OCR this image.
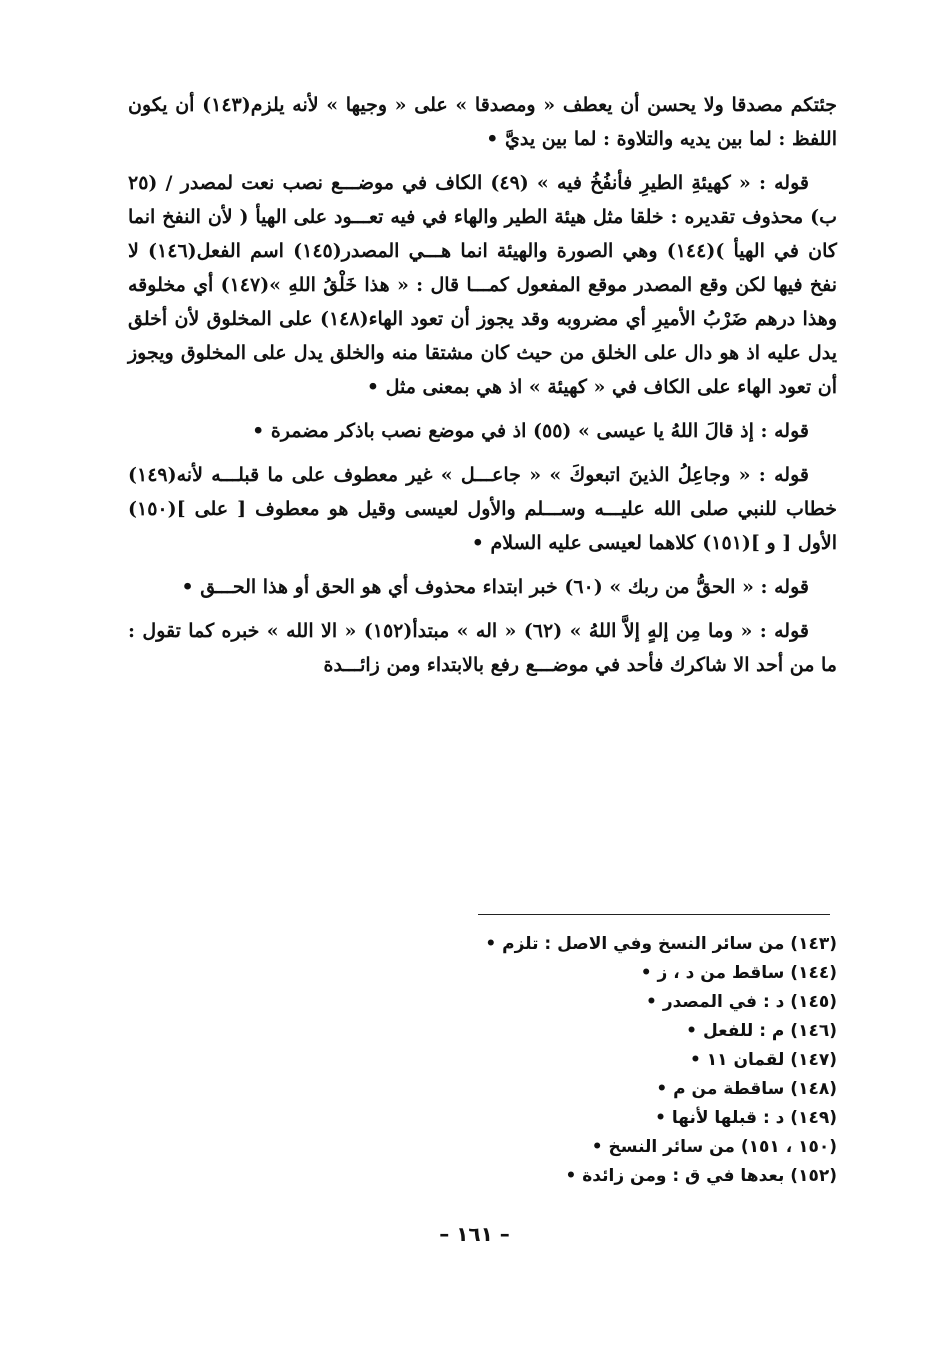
جئتكم مصدقا ولا يحسن أن يعطف « ومصدقا » على « وجيها » لأنه يلزم(١٤٣) أن يكون اللفظ : لما بين يديه والتلاوة : لما بين يديَّ •

قوله : « كهيئةِ الطيرِ فأنفُخُ فيه » (٤٩) الكاف في موضـــع نصب نعت لمصدر / (٢٥ ب) محذوف تقديره : خلقا مثل هيئة الطير والهاء في فيه تعـــود على الهيأ ( لأن النفخ انما كان في الهيأ )(١٤٤) وهي الصورة والهيئة انما هـــي المصدر(١٤٥) اسم الفعل(١٤٦) لا نفخ فيها لكن وقع المصدر موقع المفعول كمـــا قال : « هذا خَلْقُ اللهِ »(١٤٧) أي مخلوقه وهذا درهم ضَرْبُ الأميرِ أي مضروبه وقد يجوز أن تعود الهاء(١٤٨) على المخلوق لأن أخلق يدل عليه اذ هو دال على الخلق من حيث كان مشتقا منه والخلق يدل على المخلوق ويجوز أن تعود الهاء على الكاف في « كهيئة » اذ هي بمعنى مثل •

قوله : إذ قالَ اللهُ يا عيسى » (٥٥) اذ في موضع نصب باذكر مضمرة •

قوله : « وجاعِلُ الذينَ اتبعوكَ » « جاعـــل » غير معطوف على ما قبلـــه لأنه(١٤٩) خطاب للنبي صلى الله عليـــه وســـلم والأول لعيسى وقيل هو معطوف [ على ](١٥٠) الأول [ و ](١٥١) كلاهما لعيسى عليه السلام •

قوله : « الحقُّ من ربك » (٦٠) خبر ابتداء محذوف أي هو الحق أو هذا الحـــق •

قوله : « وما مِن إلهٍ إلاَّ اللهُ » (٦٢) « اله » مبتدأ(١٥٢) « الا الله » خبره كما تقول : ما من أحد الا شاكرك فأحد في موضـــع رفع بالابتداء ومن زائـــدة

(١٤٣) من سائر النسخ وفي الاصل : تلزم •
(١٤٤) ساقط من د ، ز •
(١٤٥) د : في المصدر •
(١٤٦) م : للفعل •
(١٤٧) لقمان ١١ •
(١٤٨) ساقطة من م •
(١٤٩) د : قبلها لأنها •
(١٥٠ ، ١٥١) من سائر النسخ •
(١٥٢) بعدها في ق : ومن زائدة •
– ١٦١ –
